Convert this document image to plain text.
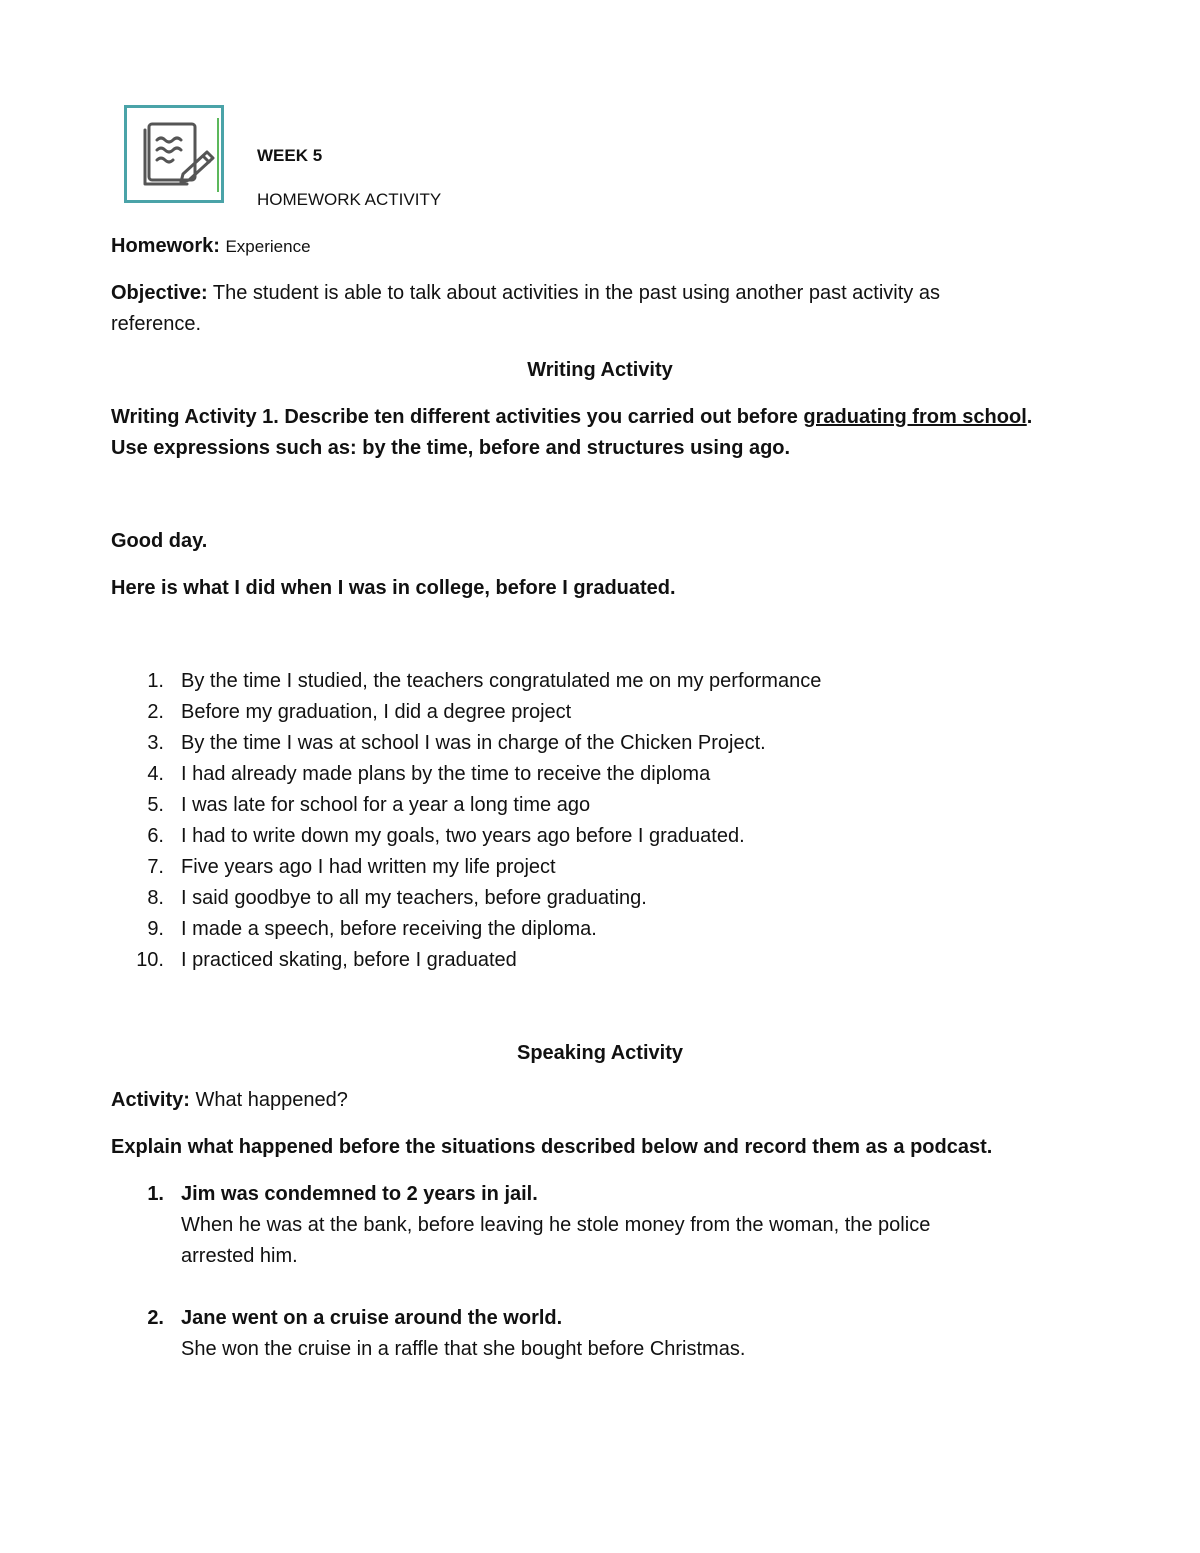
WEEK 5
HOMEWORK ACTIVITY
Homework: Experience
Objective: The student is able to talk about activities in the past using another past activity as
reference.
Writing Activity
Writing Activity 1. Describe ten different activities you carried out before graduating from school.
Use expressions such as: by the time, before and structures using ago.
Good day.
Here is what I did when I was in college, before I graduated.
1. By the time I studied, the teachers congratulated me on my performance
2. Before my graduation, I did a degree project
3. By the time I was at school I was in charge of the Chicken Project.
4. I had already made plans by the time to receive the diploma
5. I was late for school for a year a long time ago
6. I had to write down my goals, two years ago before I graduated.
7. Five years ago I had written my life project
8. I said goodbye to all my teachers, before graduating.
9. I made a speech, before receiving the diploma.
10. I practiced skating, before I graduated
Speaking Activity
Activity: What happened?
Explain what happened before the situations described below and record them as a podcast.
1. Jim was condemned to 2 years in jail.
When he was at the bank, before leaving he stole money from the woman, the police
arrested him.
2. Jane went on a cruise around the world.
She won the cruise in a raffle that she bought before Christmas.
